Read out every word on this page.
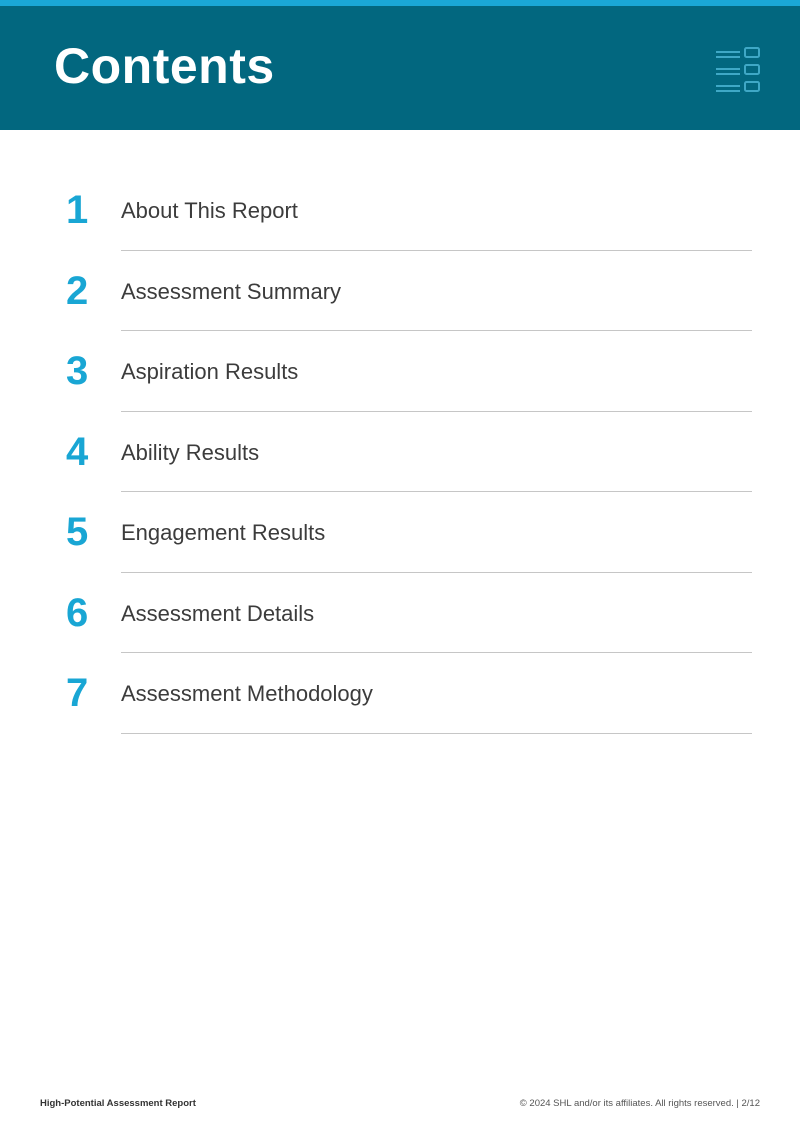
Contents
1 About This Report
2 Assessment Summary
3 Aspiration Results
4 Ability Results
5 Engagement Results
6 Assessment Details
7 Assessment Methodology
High-Potential Assessment Report	© 2024 SHL and/or its affiliates. All rights reserved. | 2/12
